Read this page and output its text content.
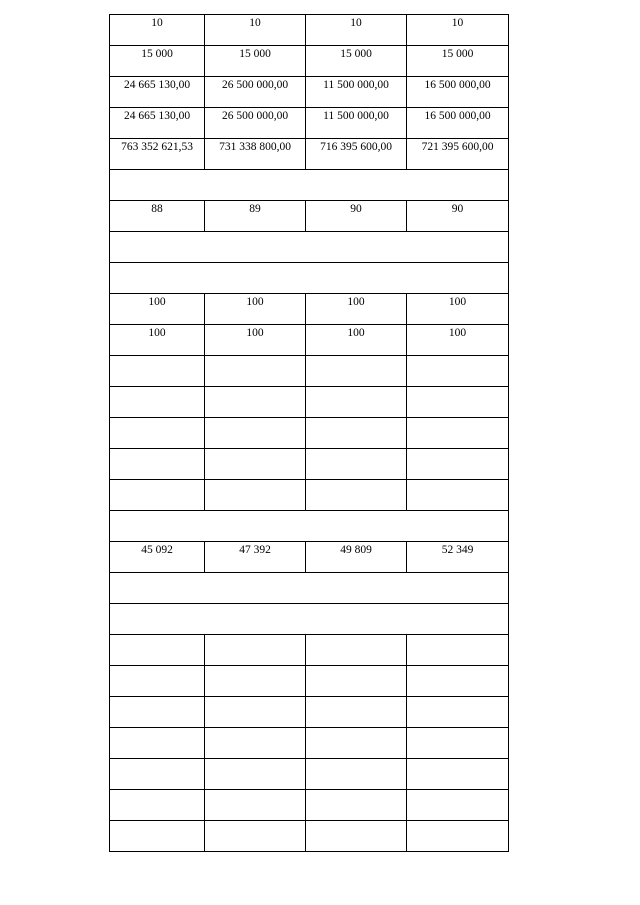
10	10	10	10
15 000	15 000	15 000	15 000
24 665 130,00	26 500 000,00	11 500 000,00	16 500 000,00
24 665 130,00	26 500 000,00	11 500 000,00	16 500 000,00
763 352 621,53	731 338 800,00	716 395 600,00	721 395 600,00

88	89	90	90

100	100	100	100
100	100	100	100

45 092	47 392	49 809	52 349
